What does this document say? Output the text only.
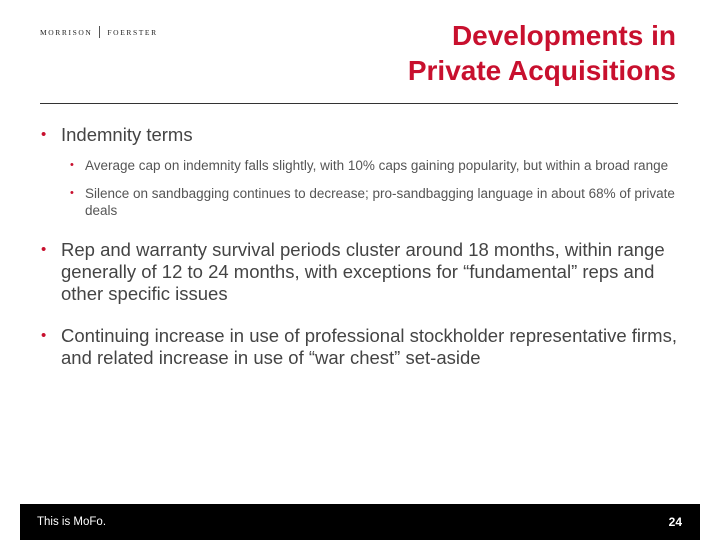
MORRISON FOERSTER	Developments in
Private Acquisitions
• Indemnity terms
• Average cap on indemnity falls slightly, with 10% caps gaining popularity, but within a broad range
• Silence on sandbagging continues to decrease; pro-sandbagging language in about 68% of private deals
• Rep and warranty survival periods cluster around 18 months, within range generally of 12 to 24 months, with exceptions for “fundamental” reps and other specific issues
• Continuing increase in use of professional stockholder representative firms, and related increase in use of “war chest” set-aside
This is MoFo.	24
